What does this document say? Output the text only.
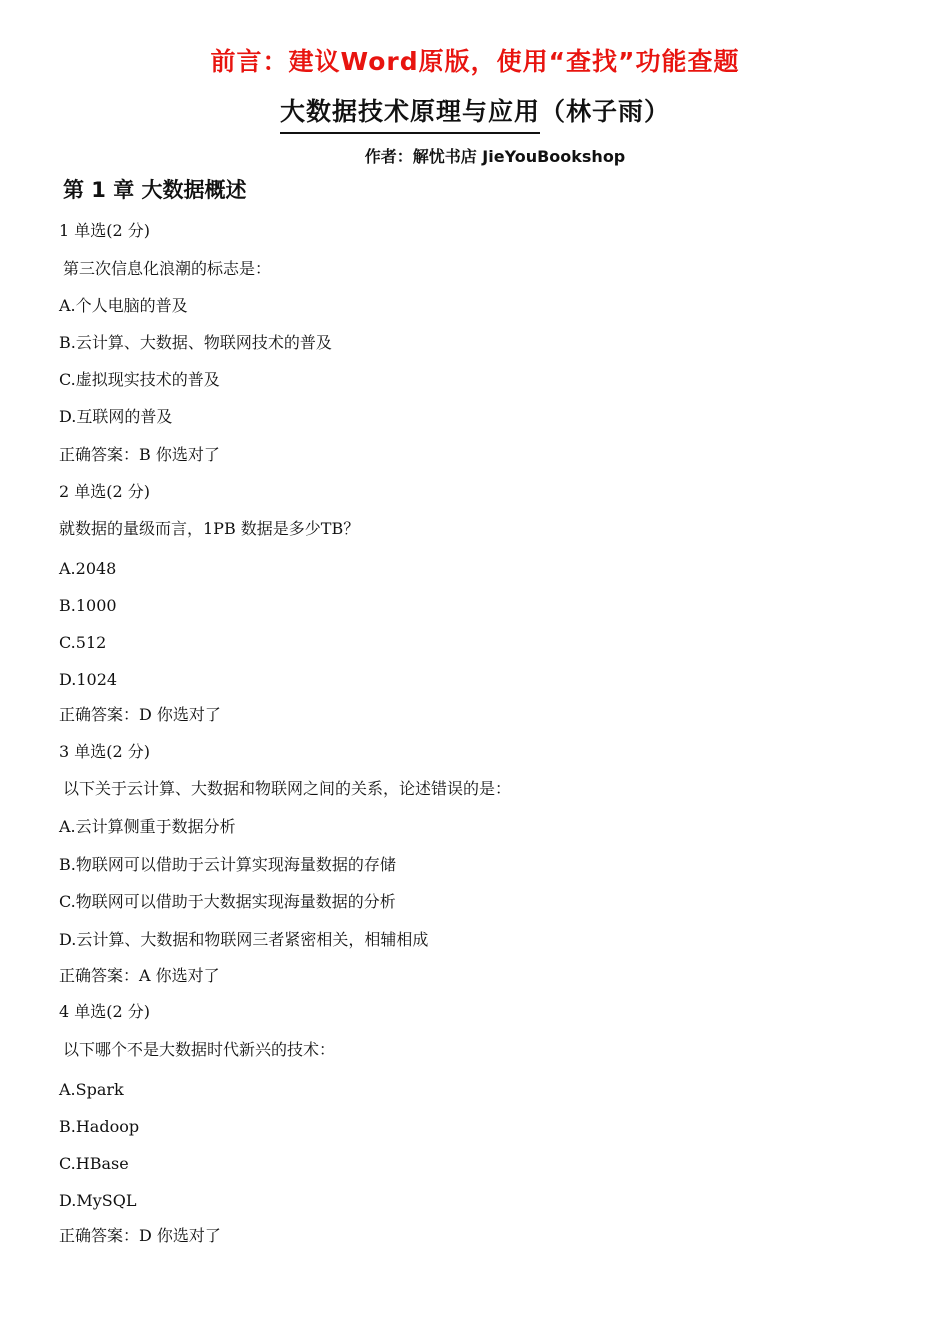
前言：建议Word原版，使用“查找”功能查题
大数据技术原理与应用（林子雨）
作者：解忧书店 JieYouBookshop
第 1 章 大数据概述
1 单选(2 分)
第三次信息化浪潮的标志是：
A.个人电脑的普及
B.云计算、大数据、物联网技术的普及
C.虚拟现实技术的普及
D.互联网的普及
正确答案：B 你选对了
2 单选(2 分)
就数据的量级而言，1PB 数据是多少TB？
A.2048
B.1000
C.512
D.1024
正确答案：D 你选对了
3 单选(2 分)
以下关于云计算、大数据和物联网之间的关系，论述错误的是：
A.云计算侧重于数据分析
B.物联网可以借助于云计算实现海量数据的存储
C.物联网可以借助于大数据实现海量数据的分析
D.云计算、大数据和物联网三者紧密相关，相辅相成
正确答案：A 你选对了
4 单选(2 分)
以下哪个不是大数据时代新兴的技术：
A.Spark
B.Hadoop
C.HBase
D.MySQL
正确答案：D 你选对了
